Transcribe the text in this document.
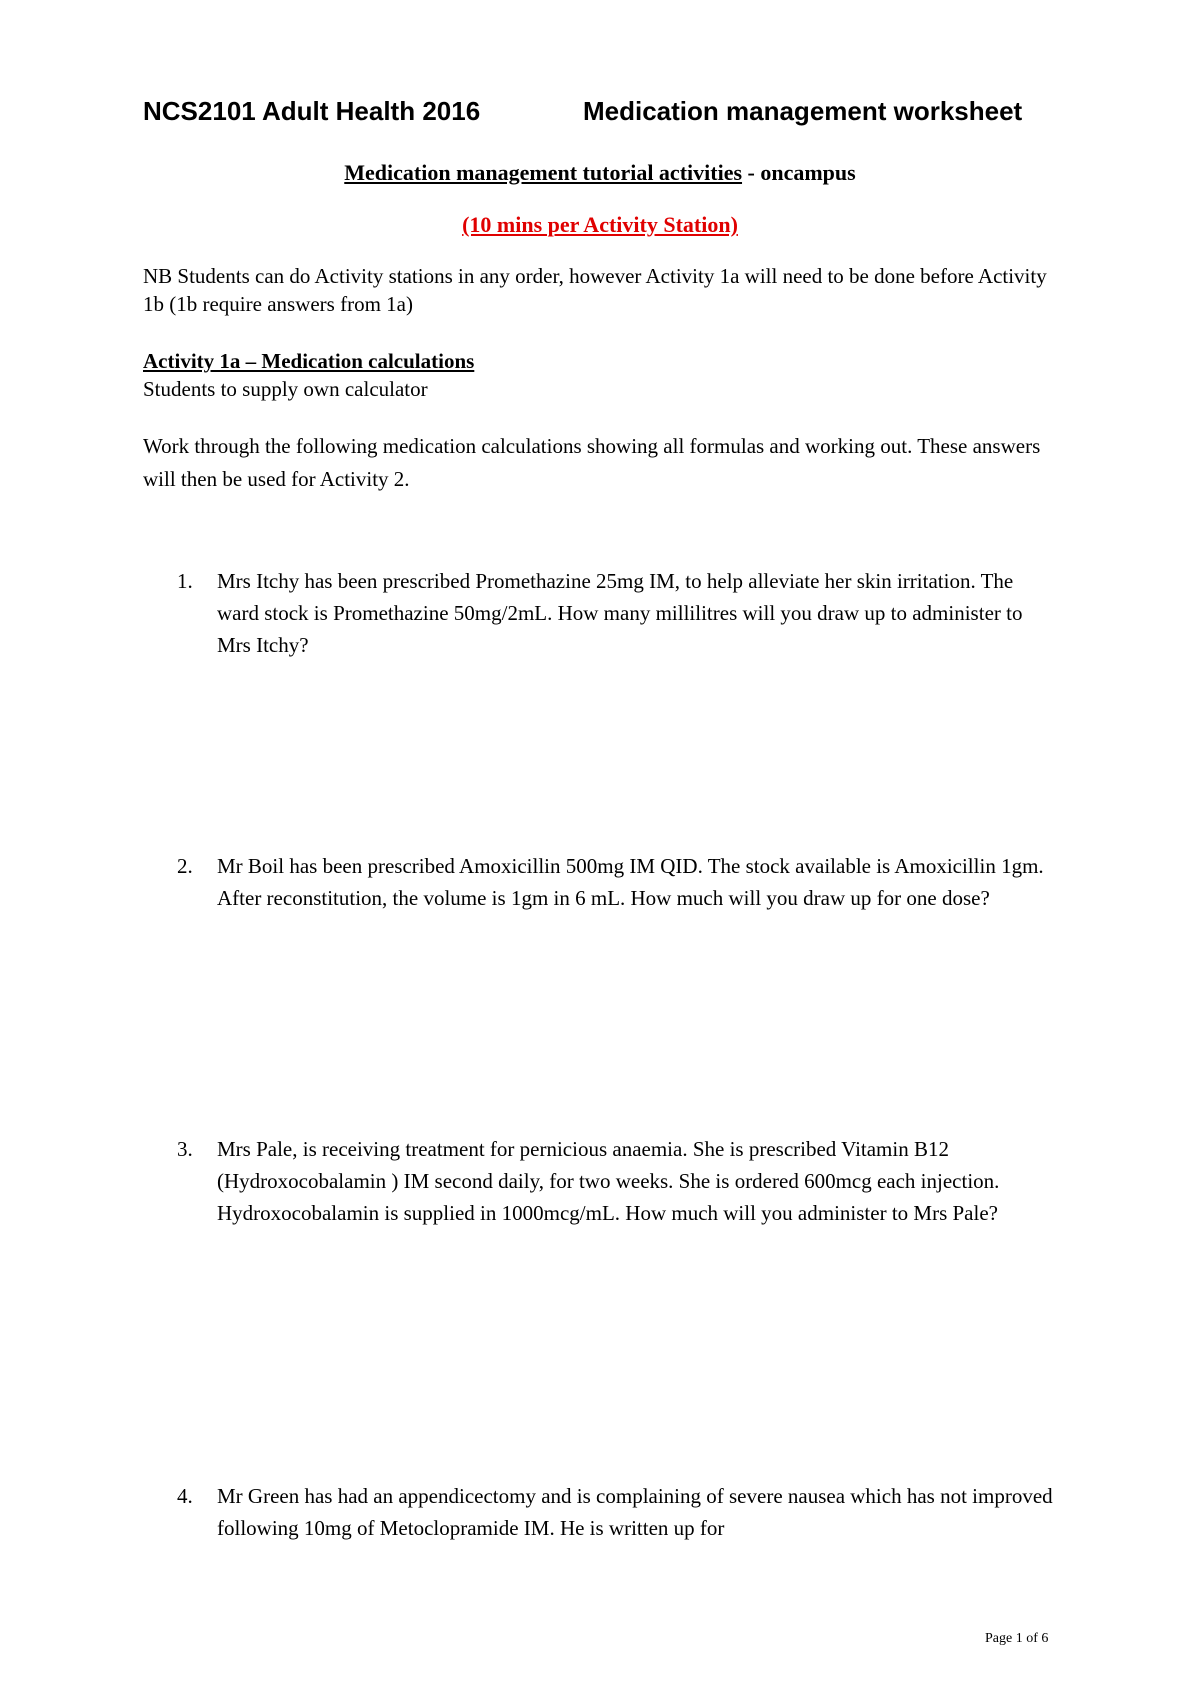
NCS2101 Adult Health 2016	Medication management worksheet
Medication management tutorial activities - oncampus
(10 mins per Activity Station)

NB Students can do Activity stations in any order, however Activity 1a will need to be done before Activity 1b (1b require answers from 1a)

Activity 1a – Medication calculations

Students to supply own calculator

Work through the following medication calculations showing all formulas and working out. These answers will then be used for Activity 2.

1. Mrs Itchy has been prescribed Promethazine 25mg IM, to help alleviate her skin irritation. The ward stock is Promethazine 50mg/2mL. How many millilitres will you draw up to administer to Mrs Itchy?
2. Mr Boil has been prescribed Amoxicillin 500mg IM QID. The stock available is Amoxicillin 1gm. After reconstitution, the volume is 1gm in 6 mL. How much will you draw up for one dose?
3. Mrs Pale, is receiving treatment for pernicious anaemia. She is prescribed Vitamin B12 (Hydroxocobalamin ) IM second daily, for two weeks. She is ordered 600mcg each injection. Hydroxocobalamin is supplied in 1000mcg/mL. How much will you administer to Mrs Pale?
4. Mr Green has had an appendicectomy and is complaining of severe nausea which has not improved following 10mg of Metoclopramide IM. He is written up for
Page 1 of 6
